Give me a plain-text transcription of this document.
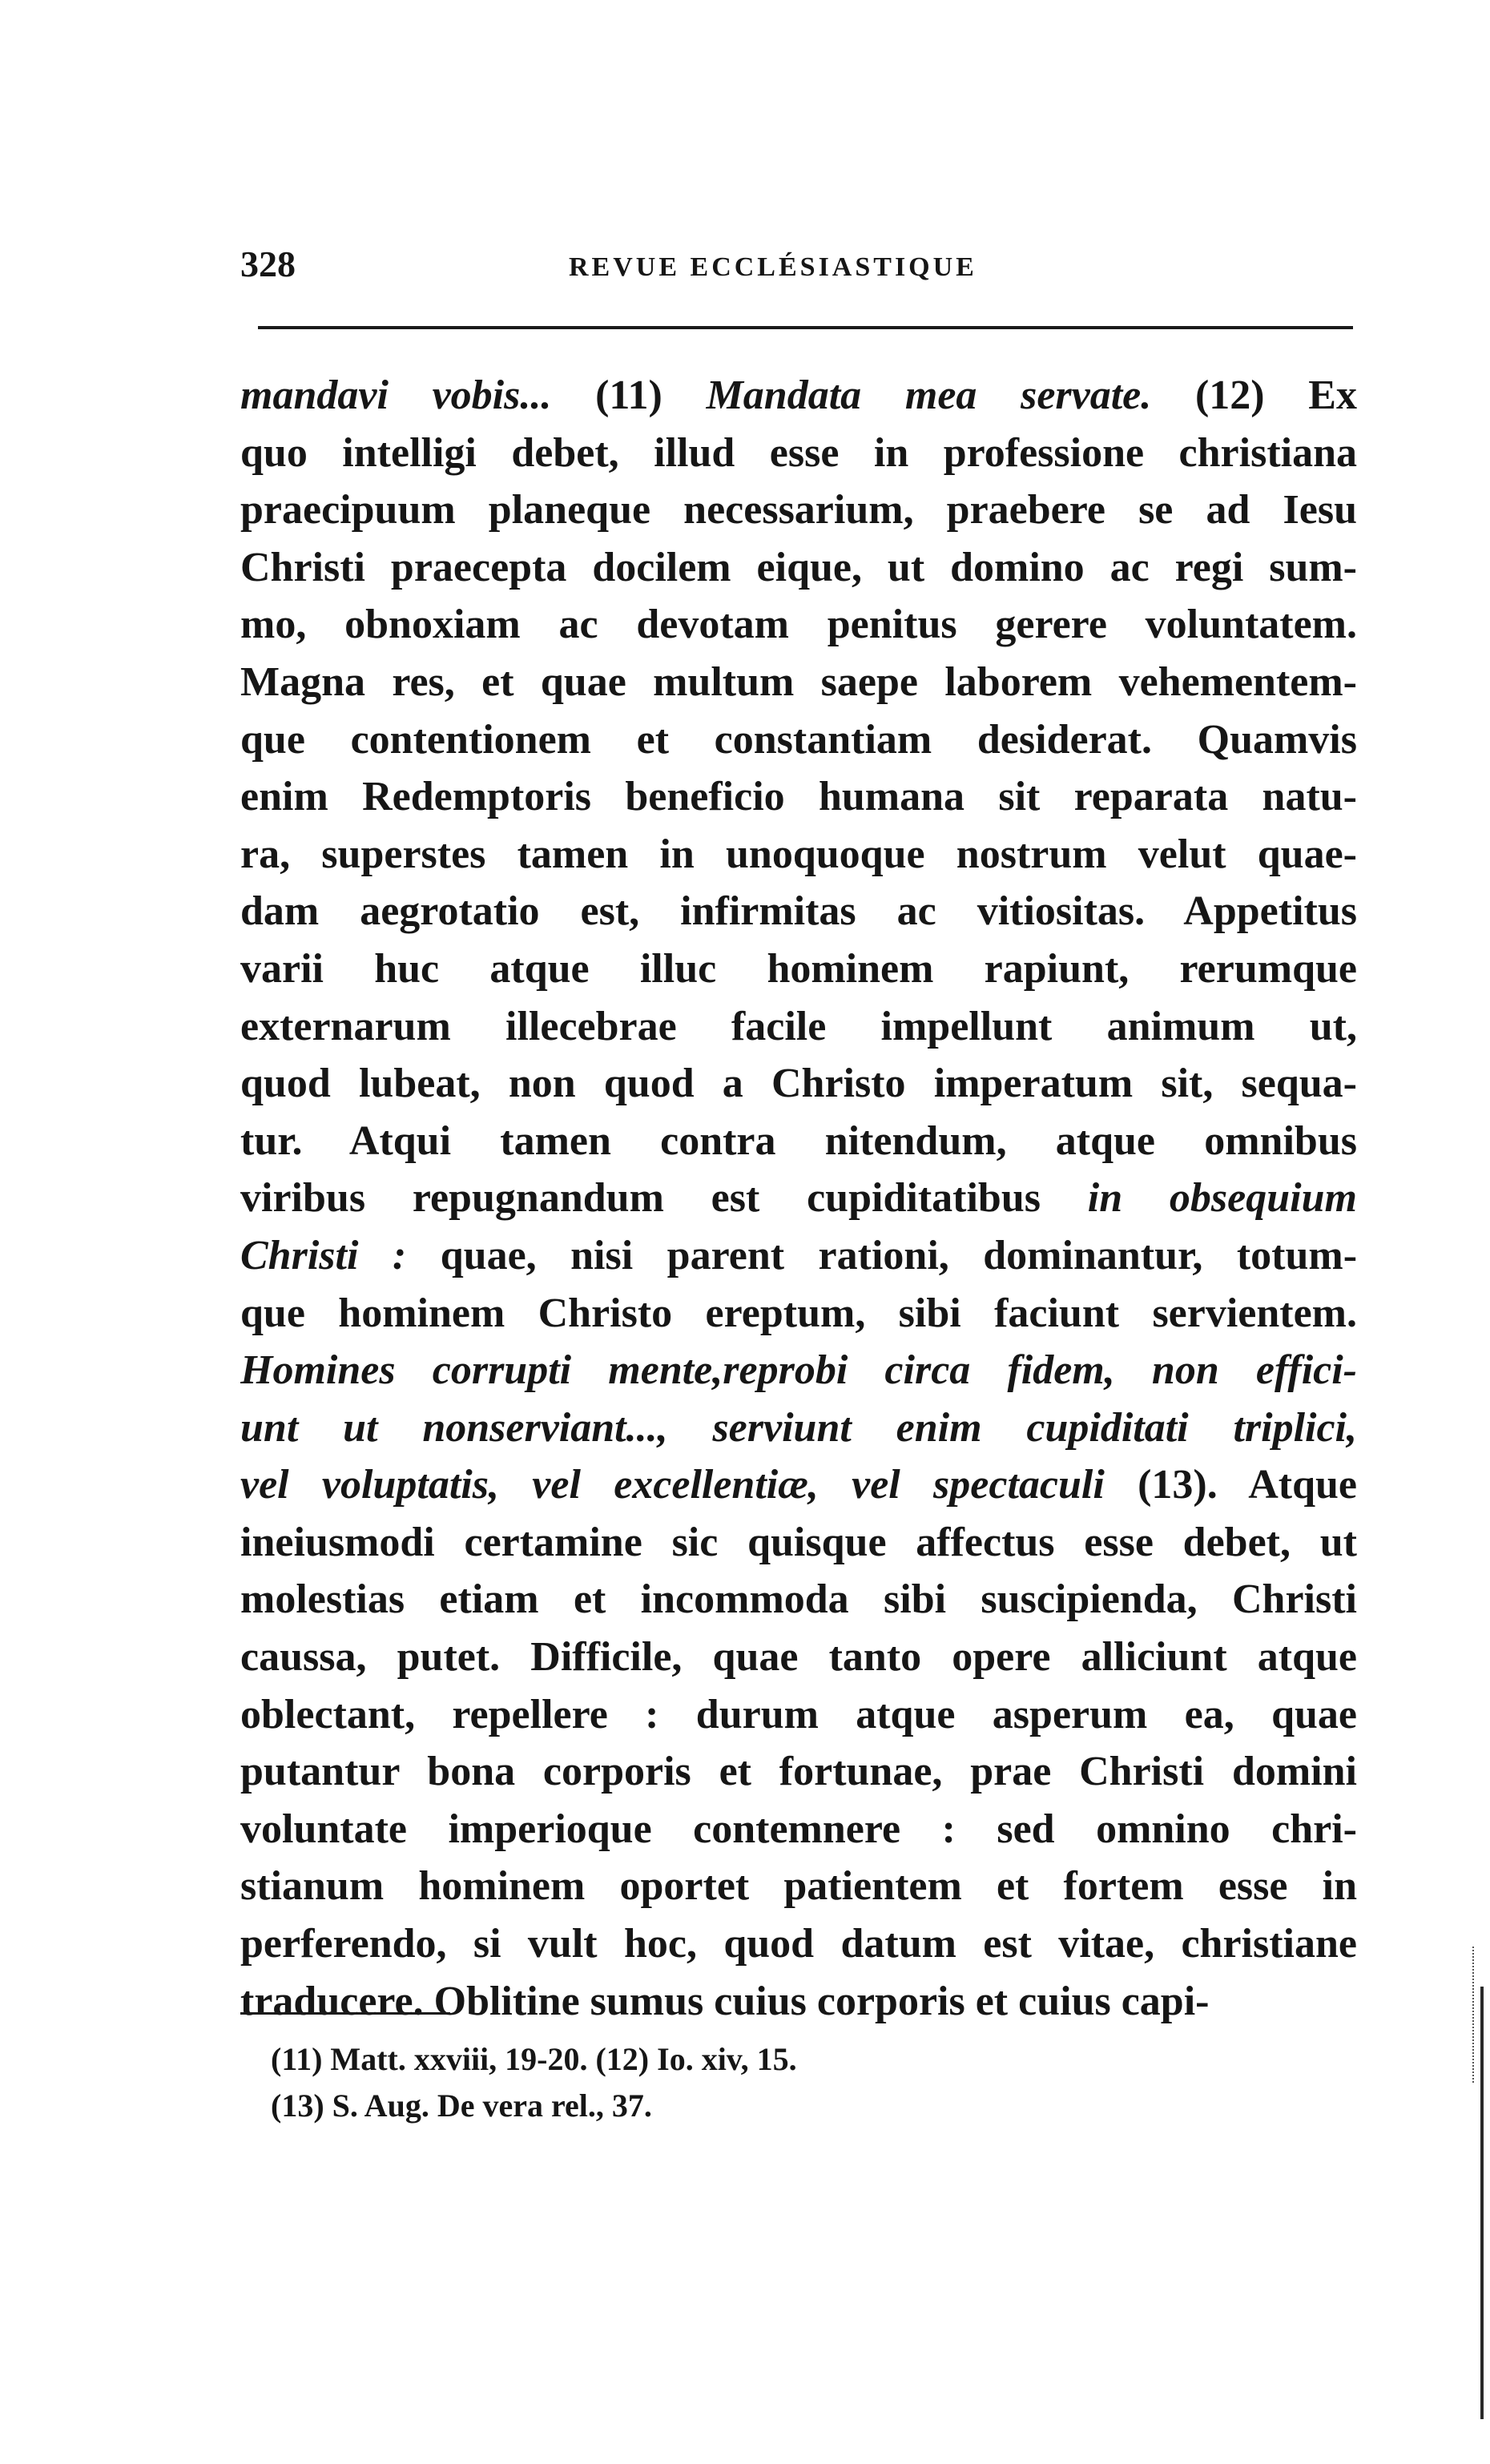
328	REVUE ECCLÉSIASTIQUE
mandavi vobis... (11) Mandata mea servate. (12) Ex
quo intelligi debet, illud esse in professione christiana
praecipuum planeque necessarium, praebere se ad Iesu
Christi praecepta docilem eique, ut domino ac regi sum-
mo, obnoxiam ac devotam penitus gerere voluntatem.
Magna res, et quae multum saepe laborem vehementem-
que contentionem et constantiam desiderat. Quamvis
enim Redemptoris beneficio humana sit reparata natu-
ra, superstes tamen in unoquoque nostrum velut quae-
dam aegrotatio est, infirmitas ac vitiositas. Appetitus
varii huc atque illuc hominem rapiunt, rerumque
externarum illecebrae facile impellunt animum ut,
quod lubeat, non quod a Christo imperatum sit, sequa-
tur. Atqui tamen contra nitendum, atque omnibus
viribus repugnandum est cupiditatibus in obsequium
Christi : quae, nisi parent rationi, dominantur, totum-
que hominem Christo ereptum, sibi faciunt servientem.
Homines corrupti mente,reprobi circa fidem, non effici-
unt ut nonserviant..., serviunt enim cupiditati triplici,
vel voluptatis, vel excellentiæ, vel spectaculi (13). Atque
ineiusmodi certamine sic quisque affectus esse debet, ut
molestias etiam et incommoda sibi suscipienda, Christi
caussa, putet. Difficile, quae tanto opere alliciunt atque
oblectant, repellere : durum atque asperum ea, quae
putantur bona corporis et fortunae, prae Christi domini
voluntate imperioque contemnere : sed omnino chri-
stianum hominem oportet patientem et fortem esse in
perferendo, si vult hoc, quod datum est vitae, christiane
traducere. Oblitine sumus cuius corporis et cuius capi-
(11) Matt. xxviii, 19-20. (12) Io. xiv, 15.
(13) S. Aug. De vera rel., 37.
